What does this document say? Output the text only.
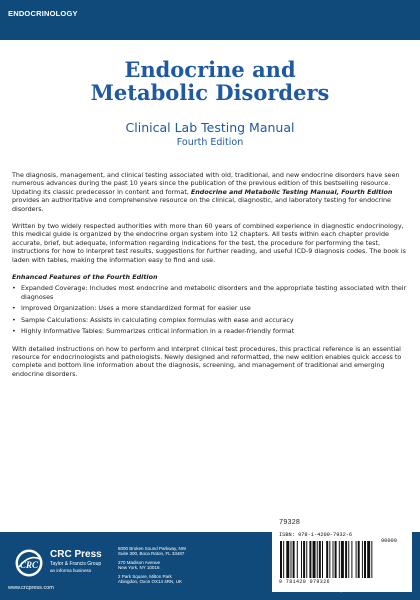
ENDOCRINOLOGY
Endocrine and
Metabolic Disorders
Clinical Lab Testing Manual
Fourth Edition

The diagnosis, management, and clinical testing associated with old, traditional, and new endocrine disorders have seen numerous advances during the past 10 years since the publication of the previous edition of this bestselling resource. Updating its classic predecessor in content and format, Endocrine and Metabolic Testing Manual, Fourth Edition provides an authoritative and comprehensive resource on the clinical, diagnostic, and laboratory testing for endocrine disorders.

Written by two widely respected authorities with more than 60 years of combined experience in diagnostic endocrinology, this medical guide is organized by the endocrine organ system into 12 chapters. All tests within each chapter provide accurate, brief, but adequate, information regarding indications for the test, the procedure for performing the test, instructions for how to interpret test results, suggestions for further reading, and useful ICD-9 diagnosis codes. The book is laden with tables, making the information easy to find and use.

Enhanced Features of the Fourth Edition
• Expanded Coverage: Includes most endocrine and metabolic disorders and the appropriate testing associated with their diagnoses
• Improved Organization: Uses a more standardized format for easier use
• Sample Calculations: Assists in calculating complex formulas with ease and accuracy
• Highly Informative Tables: Summarizes critical information in a reader-friendly format

With detailed instructions on how to perform and interpret clinical test procedures, this practical reference is an essential resource for endocrinologists and pathologists. Newly designed and reformatted, the new edition enables quick access to complete and bottom line information about the diagnosis, screening, and management of traditional and emerging endocrine disorders.

79328
CRC
CRC Press
Taylor & Francis Group
an informa business
www.crcpress.com
6000 Broken Sound Parkway, NW
Suite 300, Boca Raton, FL 33487
270 Madison Avenue
New York, NY 10016
2 Park Square, Milton Park
Abingdon, Oxon OX14 4RN, UK
ISBN: 978-1-4200-7932-6
90000
9 781420 079326
w w w . c r c p r e s s . c o m
